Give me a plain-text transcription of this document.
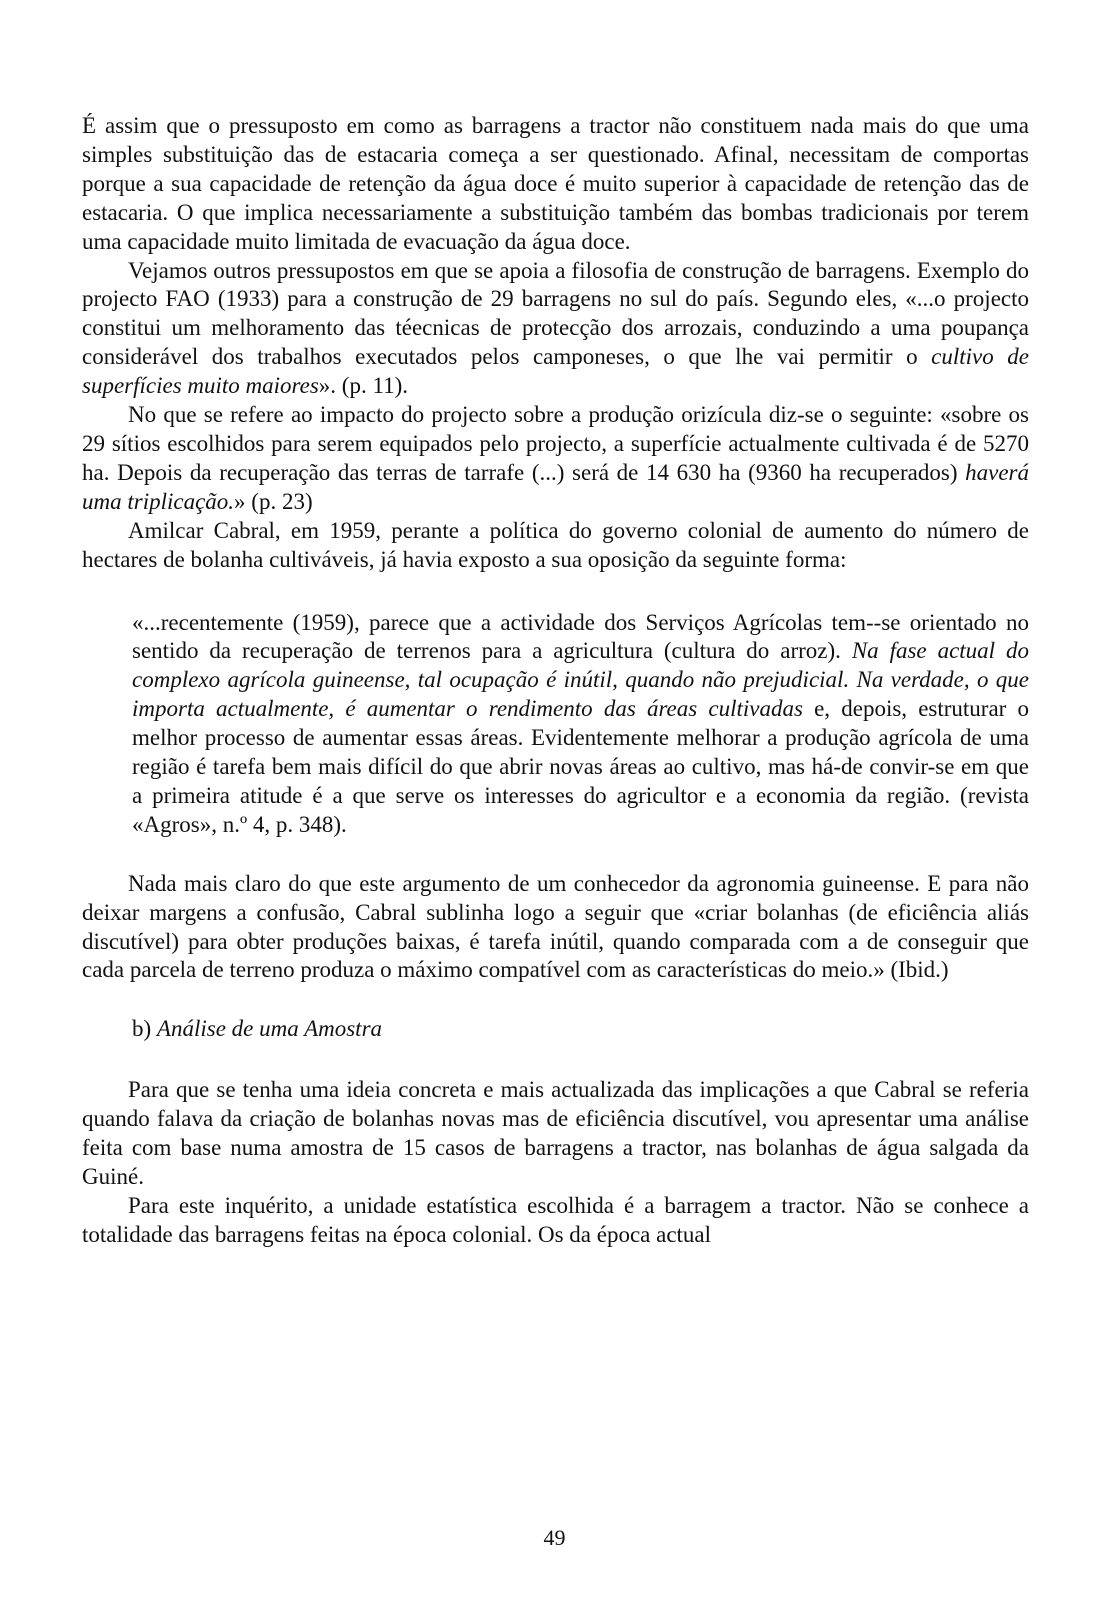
É assim que o pressuposto em como as barragens a tractor não constituem nada mais do que uma simples substituição das de estacaria começa a ser questionado. Afinal, necessitam de comportas porque a sua capacidade de retenção da água doce é muito superior à capacidade de retenção das de estacaria. O que implica necessariamente a substituição também das bombas tradicionais por terem uma capacidade muito limitada de evacuação da água doce.

Vejamos outros pressupostos em que se apoia a filosofia de construção de barragens. Exemplo do projecto FAO (1933) para a construção de 29 barragens no sul do país. Segundo eles, «...o projecto constitui um melhoramento das téecnicas de protecção dos arrozais, conduzindo a uma poupança considerável dos trabalhos executados pelos camponeses, o que lhe vai permitir o cultivo de superfícies muito maiores». (p. 11).

No que se refere ao impacto do projecto sobre a produção orizícula diz-se o seguinte: «sobre os 29 sítios escolhidos para serem equipados pelo projecto, a superfície actualmente cultivada é de 5270 ha. Depois da recuperação das terras de tarrafe (...) será de 14 630 ha (9360 ha recuperados) haverá uma triplicação.» (p. 23)

Amilcar Cabral, em 1959, perante a política do governo colonial de aumento do número de hectares de bolanha cultiváveis, já havia exposto a sua oposição da seguinte forma:

«...recentemente (1959), parece que a actividade dos Serviços Agrícolas tem--se orientado no sentido da recuperação de terrenos para a agricultura (cultura do arroz). Na fase actual do complexo agrícola guineense, tal ocupação é inútil, quando não prejudicial. Na verdade, o que importa actualmente, é aumentar o rendimento das áreas cultivadas e, depois, estruturar o melhor processo de aumentar essas áreas. Evidentemente melhorar a produção agrícola de uma região é tarefa bem mais difícil do que abrir novas áreas ao cultivo, mas há-de convir-se em que a primeira atitude é a que serve os interesses do agricultor e a economia da região. (revista «Agros», n.º 4, p. 348).

Nada mais claro do que este argumento de um conhecedor da agronomia guineense. E para não deixar margens a confusão, Cabral sublinha logo a seguir que «criar bolanhas (de eficiência aliás discutível) para obter produções baixas, é tarefa inútil, quando comparada com a de conseguir que cada parcela de terreno produza o máximo compatível com as características do meio.» (Ibid.)

b) Análise de uma Amostra

Para que se tenha uma ideia concreta e mais actualizada das implicações a que Cabral se referia quando falava da criação de bolanhas novas mas de eficiência discutível, vou apresentar uma análise feita com base numa amostra de 15 casos de barragens a tractor, nas bolanhas de água salgada da Guiné.

Para este inquérito, a unidade estatística escolhida é a barragem a tractor. Não se conhece a totalidade das barragens feitas na época colonial. Os da época actual

49
